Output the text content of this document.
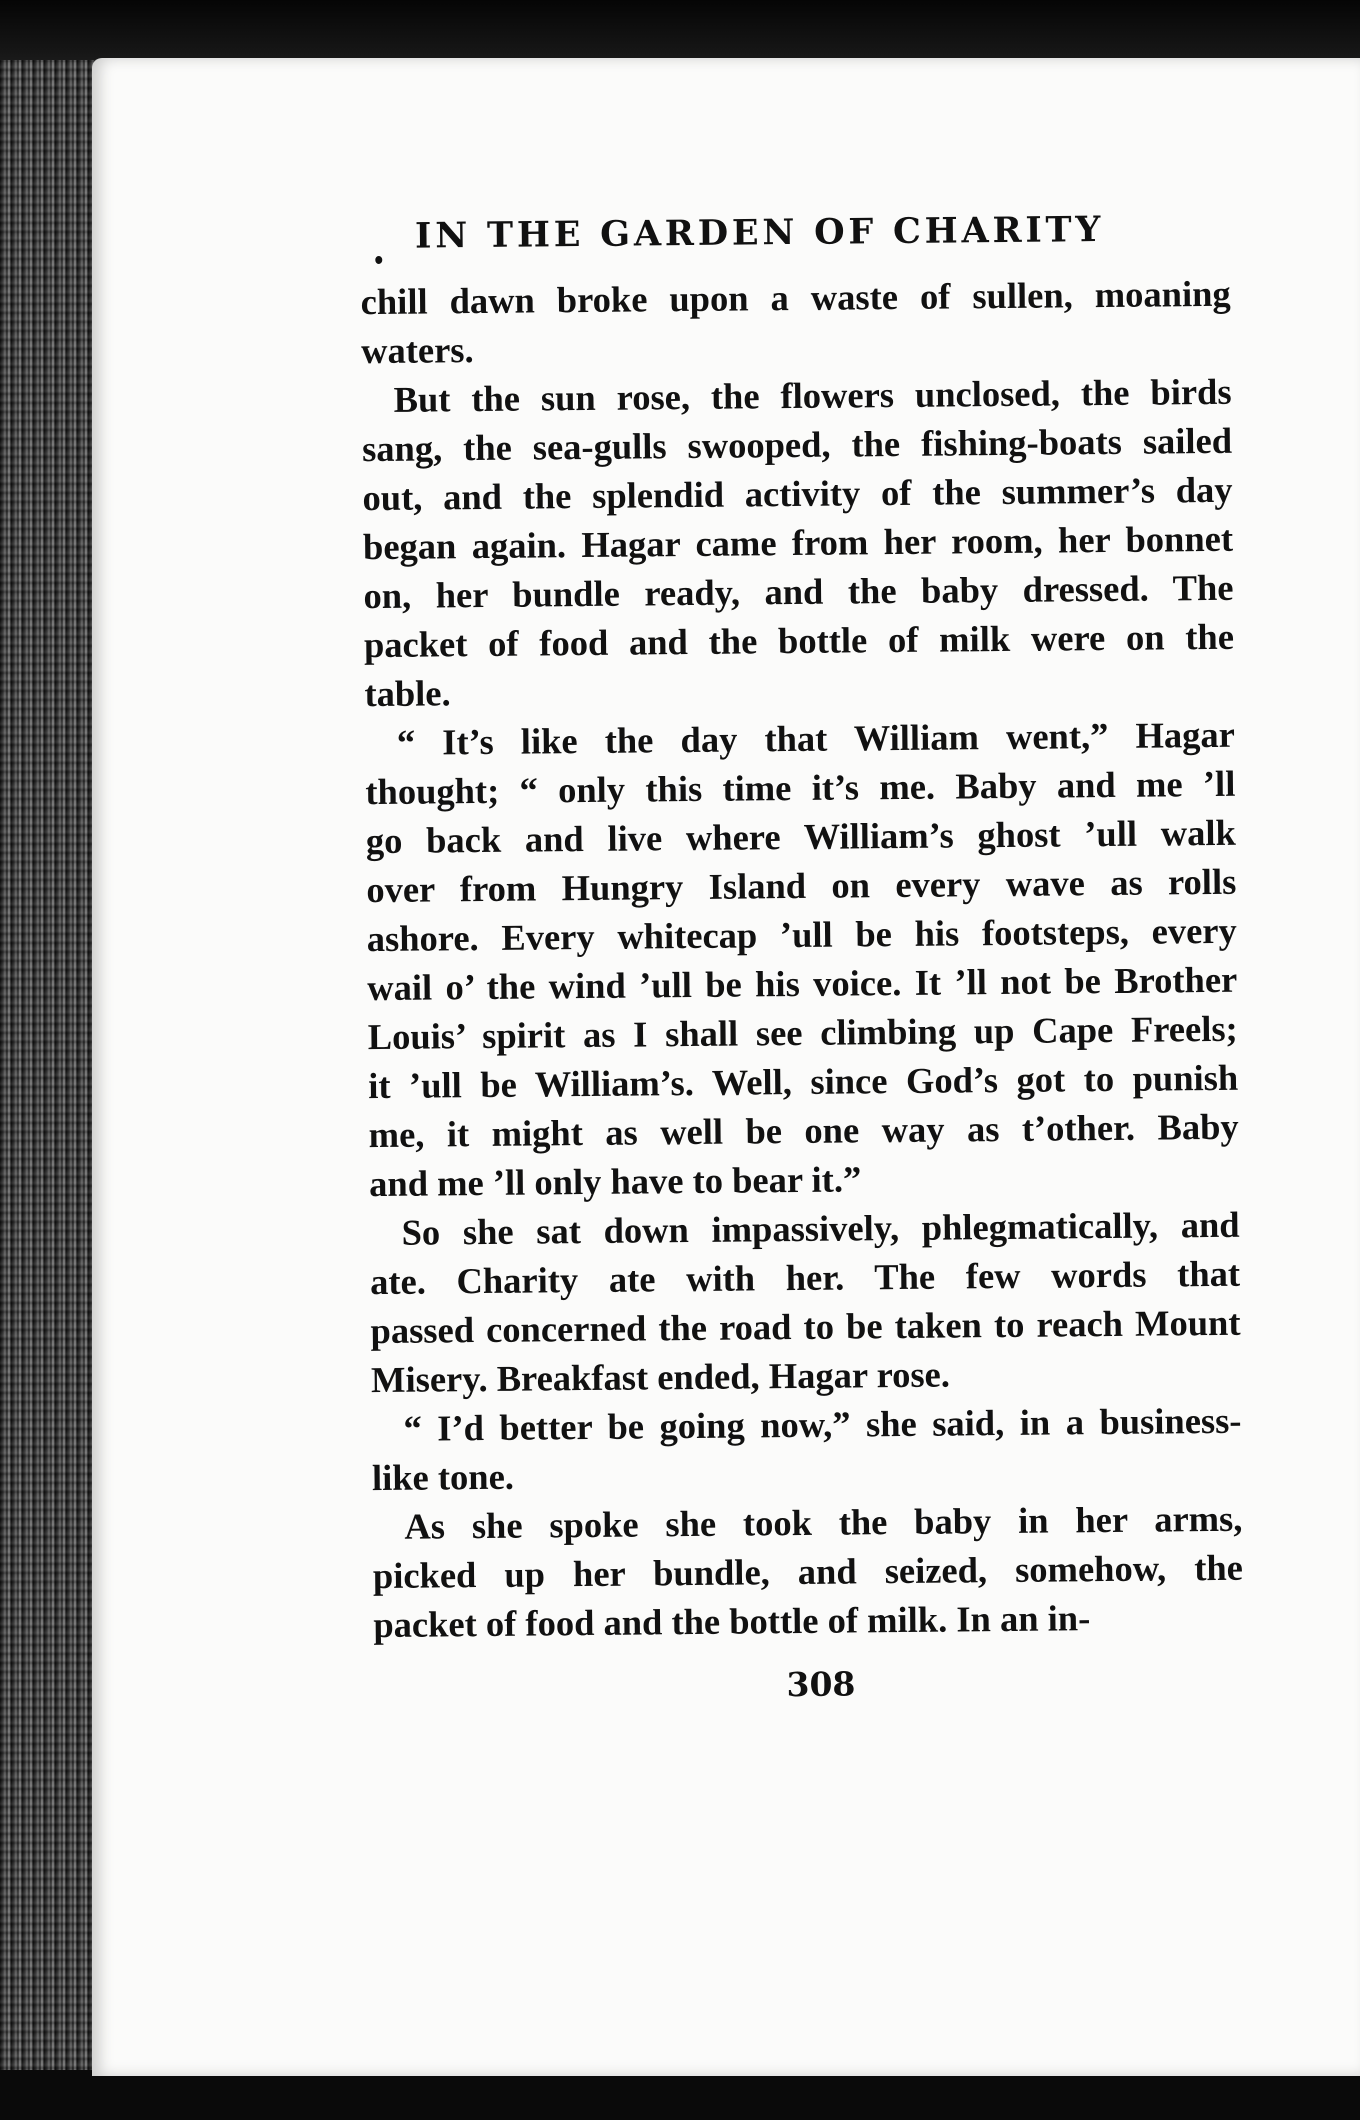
IN THE GARDEN OF CHARITY

chill dawn broke upon a waste of sullen, moaning
waters.

But the sun rose, the flowers unclosed, the birds
sang, the sea-gulls swooped, the fishing-boats sailed
out, and the splendid activity of the summer’s day
began again. Hagar came from her room, her bonnet
on, her bundle ready, and the baby dressed. The
packet of food and the bottle of milk were on the
table.

“ It’s like the day that William went,” Hagar
thought; “ only this time it’s me. Baby and me ’ll
go back and live where William’s ghost ’ull walk
over from Hungry Island on every wave as rolls
ashore. Every whitecap ’ull be his footsteps, every
wail o’ the wind ’ull be his voice. It ’ll not be Brother
Louis’ spirit as I shall see climbing up Cape Freels;
it ’ull be William’s. Well, since God’s got to punish
me, it might as well be one way as t’other. Baby
and me ’ll only have to bear it.”

So she sat down impassively, phlegmatically, and
ate. Charity ate with her. The few words that
passed concerned the road to be taken to reach Mount
Misery. Breakfast ended, Hagar rose.

“ I’d better be going now,” she said, in a business-
like tone.

As she spoke she took the baby in her arms,
picked up her bundle, and seized, somehow, the
packet of food and the bottle of milk. In an in-

308
